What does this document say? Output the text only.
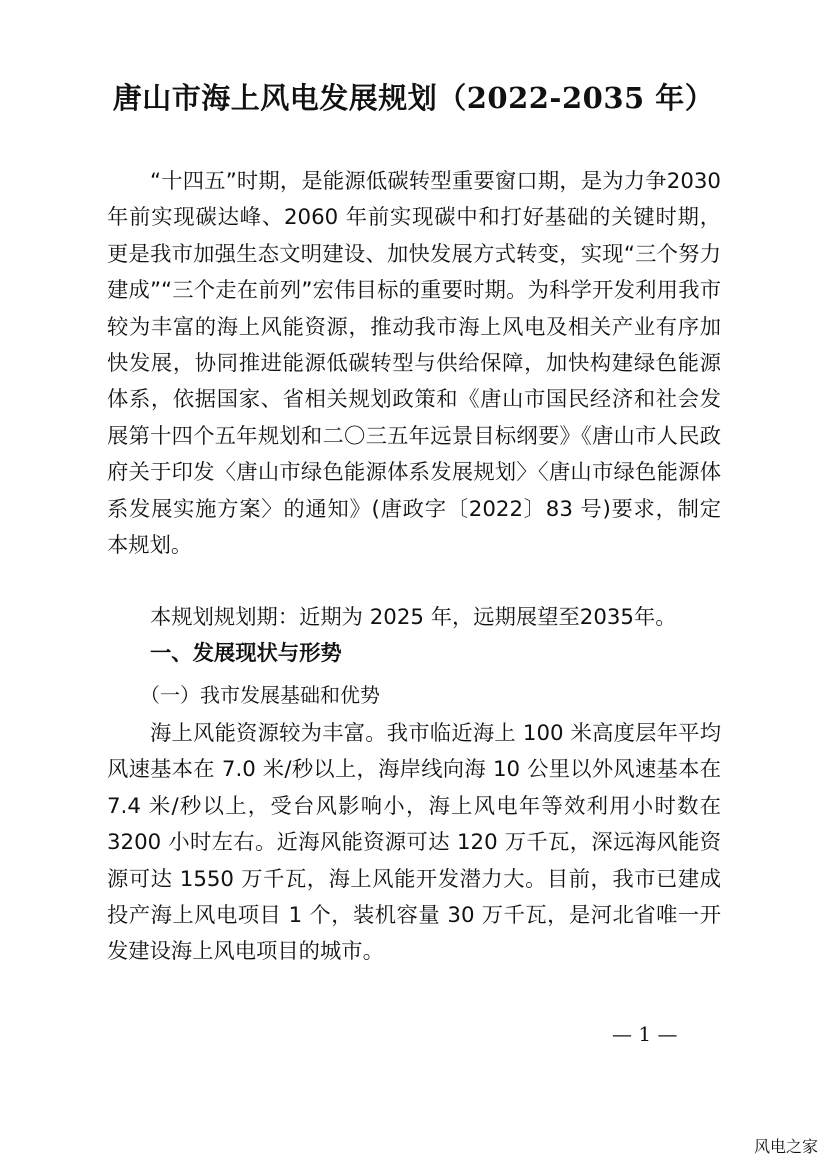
唐山市海上风电发展规划（2022-2035 年）

“十四五”时期，是能源低碳转型重要窗口期，是为力争2030 年前实现碳达峰、2060 年前实现碳中和打好基础的关键时期，更是我市加强生态文明建设、加快发展方式转变，实现“三个努力建成”“三个走在前列”宏伟目标的重要时期。为科学开发利用我市较为丰富的海上风能资源，推动我市海上风电及相关产业有序加快发展，协同推进能源低碳转型与供给保障，加快构建绿色能源体系，依据国家、省相关规划政策和《唐山市国民经济和社会发展第十四个五年规划和二〇三五年远景目标纲要》《唐山市人民政府关于印发〈唐山市绿色能源体系发展规划〉〈唐山市绿色能源体系发展实施方案〉的通知》(唐政字〔2022〕83 号)要求，制定本规划。

本规划规划期：近期为 2025 年，远期展望至2035年。

一、发展现状与形势
（一）我市发展基础和优势

海上风能资源较为丰富。我市临近海上 100 米高度层年平均风速基本在 7.0 米/秒以上，海岸线向海 10 公里以外风速基本在 7.4 米/秒以上，受台风影响小，海上风电年等效利用小时数在 3200 小时左右。近海风能资源可达 120 万千瓦，深远海风能资源可达 1550 万千瓦，海上风能开发潜力大。目前，我市已建成投产海上风电项目 1 个，装机容量 30 万千瓦，是河北省唯一开发建设海上风电项目的城市。

— 1 —
风电之家
